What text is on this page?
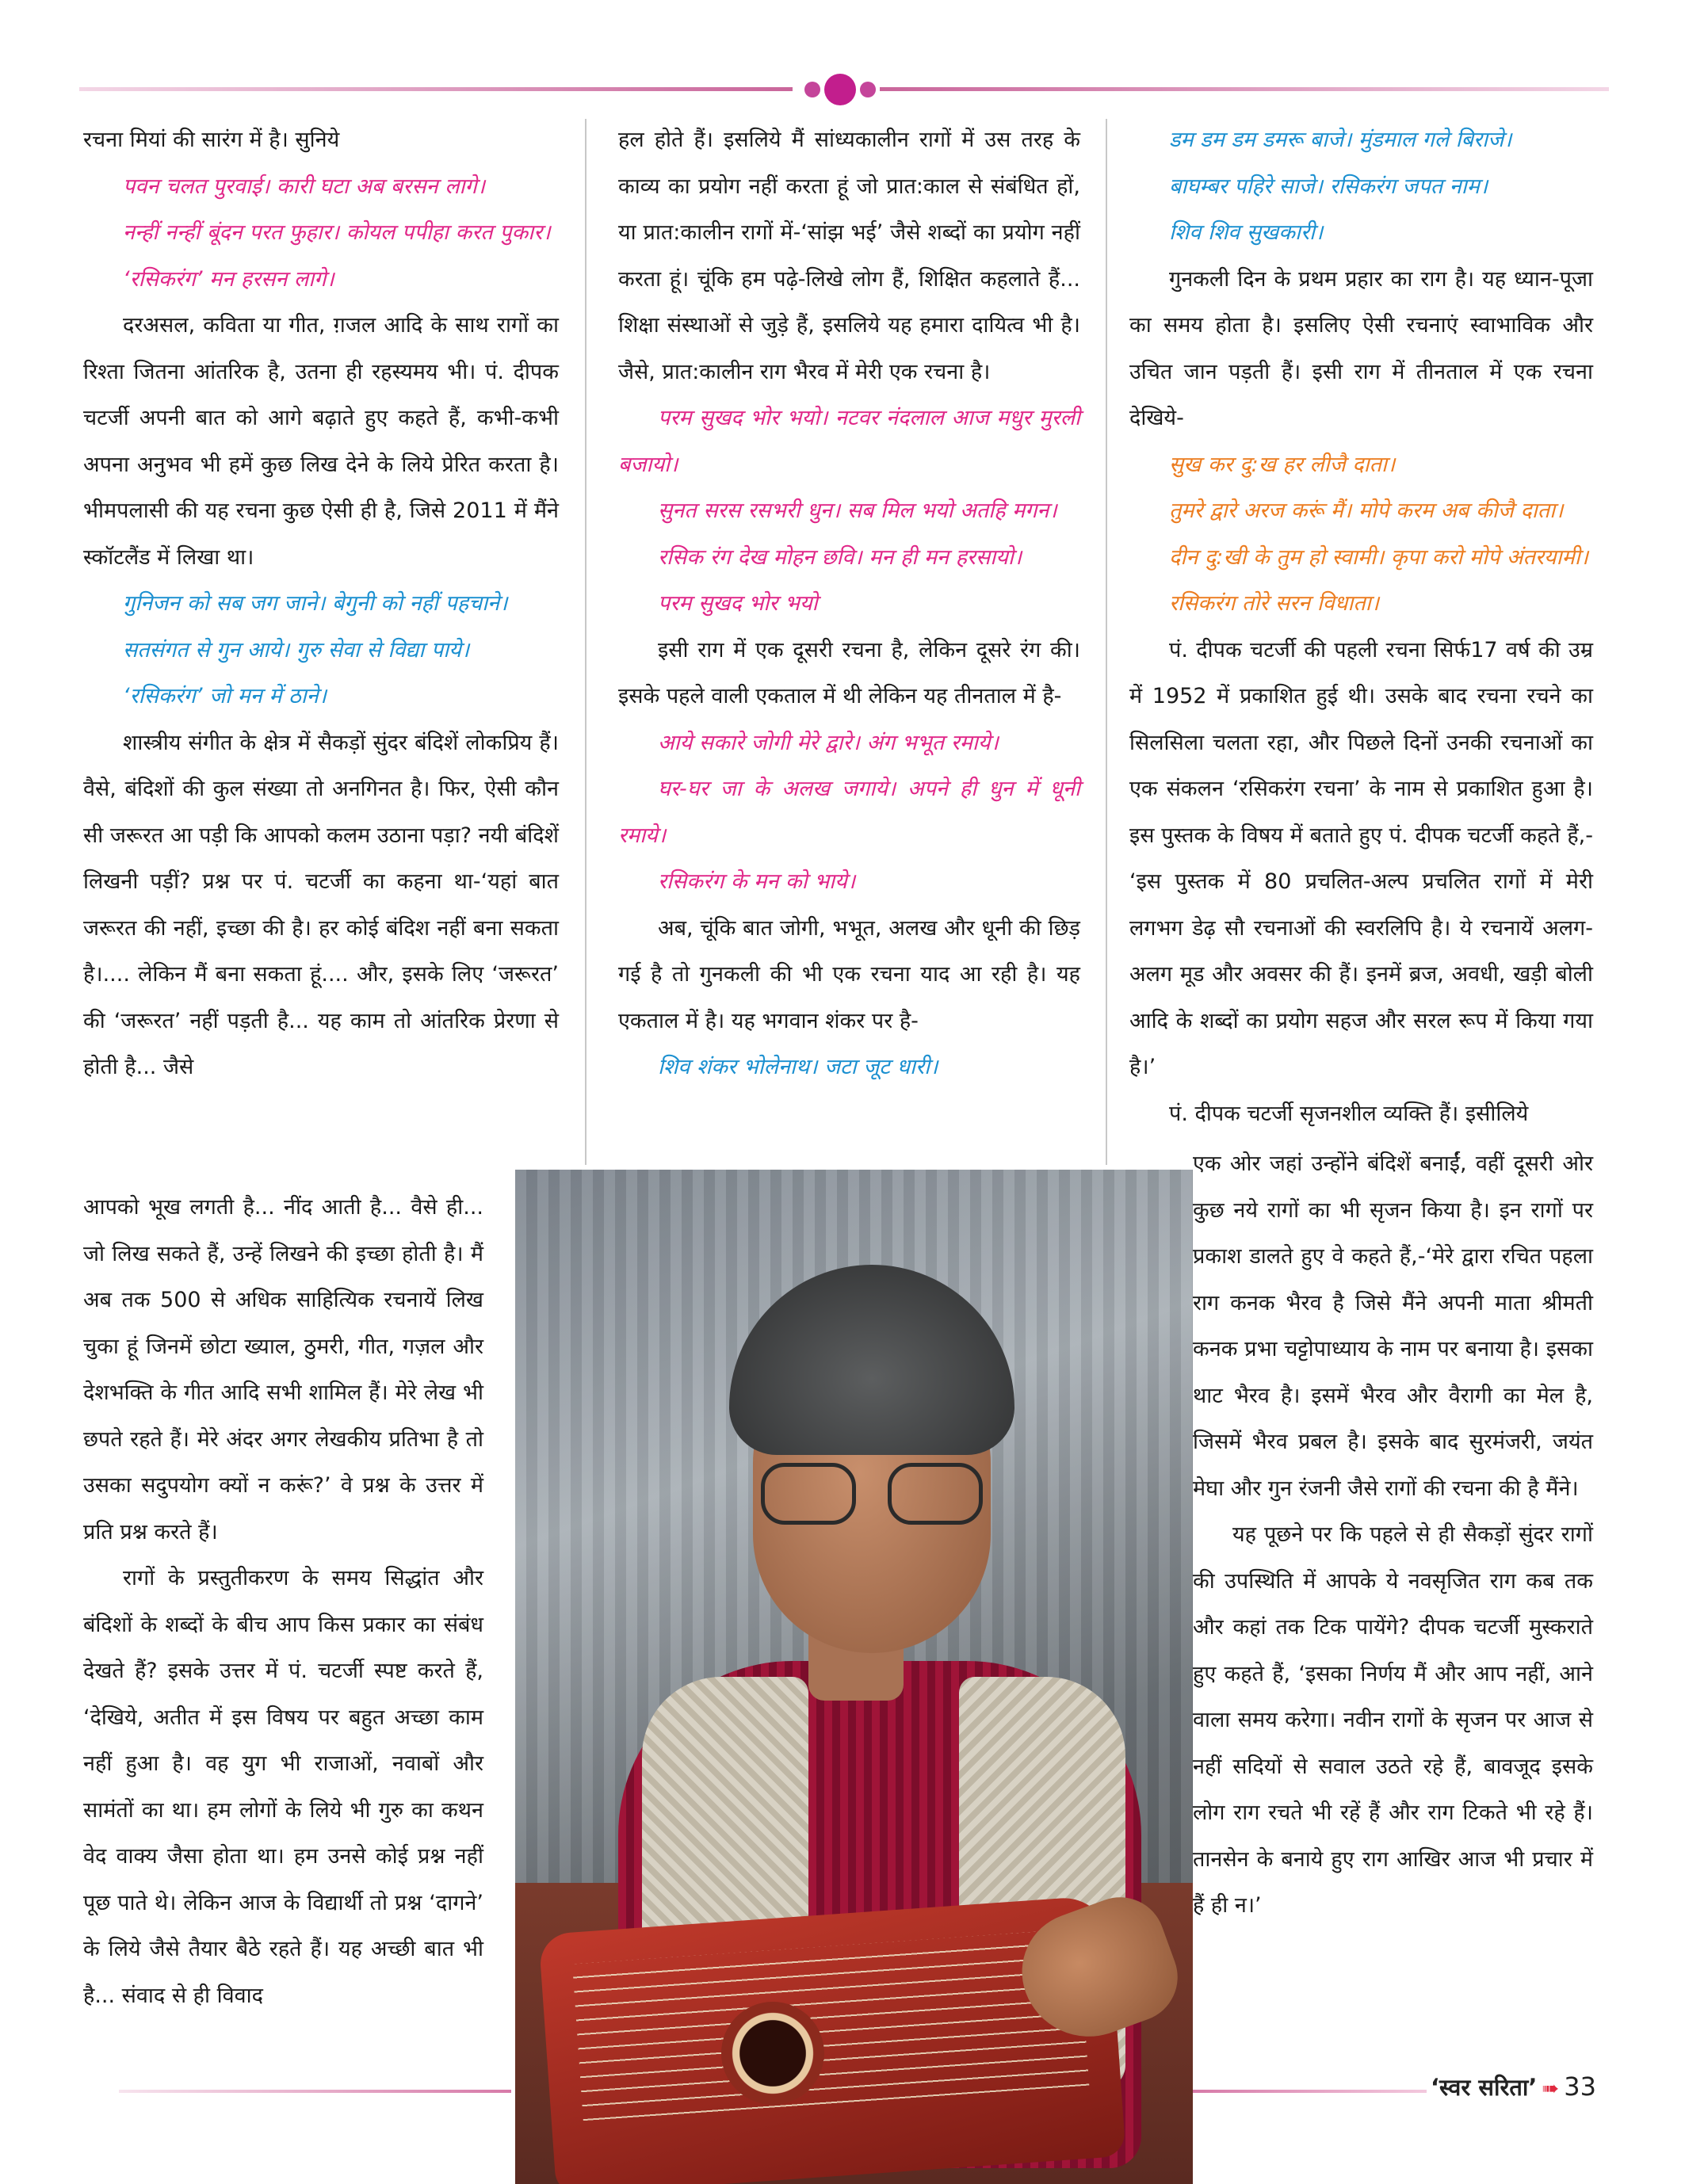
रचना मियां की सारंग में है। सुनिये

पवन चलत पुरवाई। कारी घटा अब बरसन लागे।

नन्हीं नन्हीं बूंदन परत फुहार। कोयल पपीहा करत पुकार।

‘रसिकरंग’ मन हरसन लागे।

दरअसल, कविता या गीत, ग़जल आदि के साथ रागों का रिश्ता जितना आंतरिक है, उतना ही रहस्यमय भी। पं. दीपक चटर्जी अपनी बात को आगे बढ़ाते हुए कहते हैं, कभी-कभी अपना अनुभव भी हमें कुछ लिख देने के लिये प्रेरित करता है। भीमपलासी की यह रचना कुछ ऐसी ही है, जिसे 2011 में मैंने स्कॉटलैंड में लिखा था।

गुनिजन को सब जग जाने। बेगुनी को नहीं पहचाने।

सतसंगत से गुन आये। गुरु सेवा से विद्या पाये।

‘रसिकरंग’ जो मन में ठाने।

शास्त्रीय संगीत के क्षेत्र में सैकड़ों सुंदर बंदिशें लोकप्रिय हैं। वैसे, बंदिशों की कुल संख्या तो अनगिनत है। फिर, ऐसी कौन सी जरूरत आ पड़ी कि आपको कलम उठाना पड़ा? नयी बंदिशें लिखनी पड़ीं? प्रश्न पर पं. चटर्जी का कहना था-‘यहां बात जरूरत की नहीं, इच्छा की है। हर कोई बंदिश नहीं बना सकता है।.... लेकिन मैं बना सकता हूं.... और, इसके लिए ‘जरूरत’ की ‘जरूरत’ नहीं पड़ती है... यह काम तो आंतरिक प्रेरणा से होती है... जैसे

आपको भूख लगती है... नींद आती है... वैसे ही... जो लिख सकते हैं, उन्हें लिखने की इच्छा होती है। मैं अब तक 500 से अधिक साहित्यिक रचनायें लिख चुका हूं जिनमें छोटा ख्याल, ठुमरी, गीत, गज़ल और देशभक्ति के गीत आदि सभी शामिल हैं। मेरे लेख भी छपते रहते हैं। मेरे अंदर अगर लेखकीय प्रतिभा है तो उसका सदुपयोग क्यों न करूं?’ वे प्रश्न के उत्तर में प्रति प्रश्न करते हैं।

रागों के प्रस्तुतीकरण के समय सिद्धांत और बंदिशों के शब्दों के बीच आप किस प्रकार का संबंध देखते हैं? इसके उत्तर में पं. चटर्जी स्पष्ट करते हैं, ‘देखिये, अतीत में इस विषय पर बहुत अच्छा काम नहीं हुआ है। वह युग भी राजाओं, नवाबों और सामंतों का था। हम लोगों के लिये भी गुरु का कथन वेद वाक्य जैसा होता था। हम उनसे कोई प्रश्न नहीं पूछ पाते थे। लेकिन आज के विद्यार्थी तो प्रश्न ‘दागने’ के लिये जैसे तैयार बैठे रहते हैं। यह अच्छी बात भी है... संवाद से ही विवाद

हल होते हैं। इसलिये मैं सांध्यकालीन रागों में उस तरह के काव्य का प्रयोग नहीं करता हूं जो प्रात:काल से संबंधित हों, या प्रात:कालीन रागों में-‘सांझ भई’ जैसे शब्दों का प्रयोग नहीं करता हूं। चूंकि हम पढ़े-लिखे लोग हैं, शिक्षित कहलाते हैं... शिक्षा संस्थाओं से जुड़े हैं, इसलिये यह हमारा दायित्व भी है। जैसे, प्रात:कालीन राग भैरव में मेरी एक रचना है।

परम सुखद भोर भयो। नटवर नंदलाल आज मधुर मुरली बजायो।

सुनत सरस रसभरी धुन। सब मिल भयो अतहि मगन।

रसिक रंग देख मोहन छवि। मन ही मन हरसायो।

परम सुखद भोर भयो

इसी राग में एक दूसरी रचना है, लेकिन दूसरे रंग की। इसके पहले वाली एकताल में थी लेकिन यह तीनताल में है-

आये सकारे जोगी मेरे द्वारे। अंग भभूत रमाये।

घर-घर जा के अलख जगाये। अपने ही धुन में धूनी रमाये।

रसिकरंग के मन को भाये।

अब, चूंकि बात जोगी, भभूत, अलख और धूनी की छिड़ गई है तो गुनकली की भी एक रचना याद आ रही है। यह एकताल में है। यह भगवान शंकर पर है-

शिव शंकर भोलेनाथ। जटा जूट धारी।

डम डम डम डमरू बाजे। मुंडमाल गले बिराजे।

बाघम्बर पहिरे साजे। रसिकरंग जपत नाम।

शिव शिव सुखकारी।

गुनकली दिन के प्रथम प्रहार का राग है। यह ध्यान-पूजा का समय होता है। इसलिए ऐसी रचनाएं स्वाभाविक और उचित जान पड़ती हैं। इसी राग में तीनताल में एक रचना देखिये-

सुख कर दु:ख हर लीजै दाता।

तुमरे द्वारे अरज करूं मैं। मोपे करम अब कीजै दाता।

दीन दु:खी के तुम हो स्वामी। कृपा करो मोपे अंतरयामी।

रसिकरंग तोरे सरन विधाता।

पं. दीपक चटर्जी की पहली रचना सिर्फ17 वर्ष की उम्र में 1952 में प्रकाशित हुई थी। उसके बाद रचना रचने का सिलसिला चलता रहा, और पिछले दिनों उनकी रचनाओं का एक संकलन ‘रसिकरंग रचना’ के नाम से प्रकाशित हुआ है। इस पुस्तक के विषय में बताते हुए पं. दीपक चटर्जी कहते हैं,- ‘इस पुस्तक में 80 प्रचलित-अल्प प्रचलित रागों में मेरी लगभग डेढ़ सौ रचनाओं की स्वरलिपि है। ये रचनायें अलग-अलग मूड और अवसर की हैं। इनमें ब्रज, अवधी, खड़ी बोली आदि के शब्दों का प्रयोग सहज और सरल रूप में किया गया है।’

पं. दीपक चटर्जी सृजनशील व्यक्ति हैं। इसीलिये

एक ओर जहां उन्होंने बंदिशें बनाईं, वहीं दूसरी ओर कुछ नये रागों का भी सृजन किया है। इन रागों पर प्रकाश डालते हुए वे कहते हैं,-‘मेरे द्वारा रचित पहला राग कनक भैरव है जिसे मैंने अपनी माता श्रीमती कनक प्रभा चट्टोपाध्याय के नाम पर बनाया है। इसका थाट भैरव है। इसमें भैरव और वैरागी का मेल है, जिसमें भैरव प्रबल है। इसके बाद सुरमंजरी, जयंत मेघा और गुन रंजनी जैसे रागों की रचना की है मैंने।

यह पूछने पर कि पहले से ही सैकड़ों सुंदर रागों की उपस्थिति में आपके ये नवसृजित राग कब तक और कहां तक टिक पायेंगे? दीपक चटर्जी मुस्कराते हुए कहते हैं, ‘इसका निर्णय मैं और आप नहीं, आने वाला समय करेगा। नवीन रागों के सृजन पर आज से नहीं सदियों से सवाल उठते रहे हैं, बावजूद इसके लोग राग रचते भी रहें हैं और राग टिकते भी रहे हैं। तानसेन के बनाये हुए राग आखिर आज भी प्रचार में हैं ही न।’

‘स्वर सरिता’ ➠ 33
